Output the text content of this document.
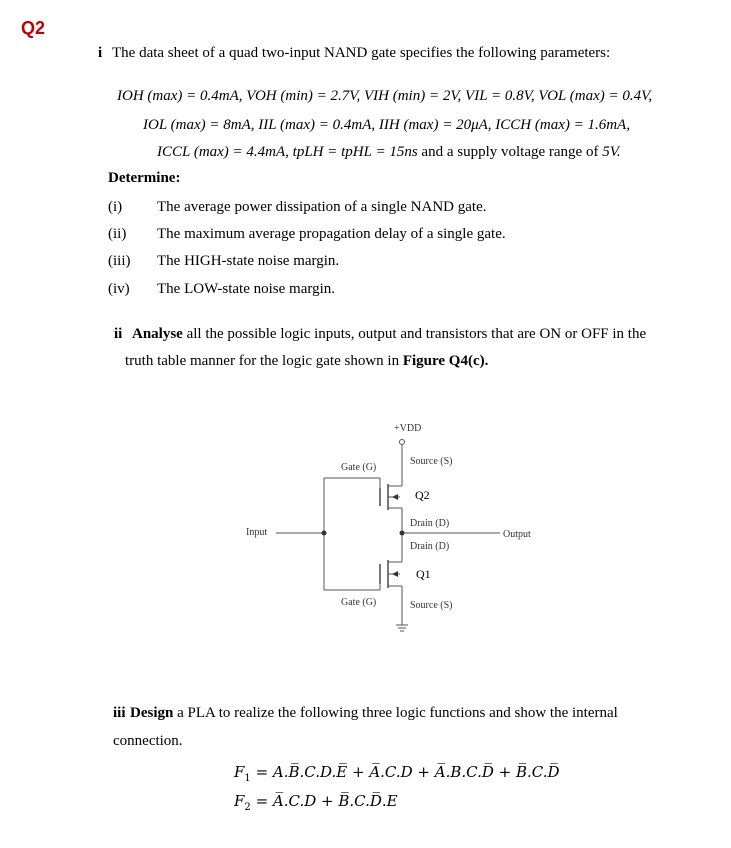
Q2
i The data sheet of a quad two-input NAND gate specifies the following parameters:
IOH (max) = 0.4mA, VOH (min) = 2.7V, VIH (min) = 2V, VIL = 0.8V, VOL (max) = 0.4V,
IOL (max) = 8mA, IIL (max) = 0.4mA, IIH (max) = 20μA, ICCH (max) = 1.6mA,
ICCL (max) = 4.4mA, tpLH = tpHL = 15ns and a supply voltage range of 5V.
Determine:
(i) The average power dissipation of a single NAND gate.
(ii) The maximum average propagation delay of a single gate.
(iii) The HIGH-state noise margin.
(iv) The LOW-state noise margin.
ii Analyse all the possible logic inputs, output and transistors that are ON or OFF in the
truth table manner for the logic gate shown in Figure Q4(c).
+VDD
Gate (G)
Source (S)
Q2
Drain (D)
Input	Output
Drain (D)
Q1
Gate (G)	Source (S)
iii Design a PLA to realize the following three logic functions and show the internal
connection.
$F_1$ = A.B̅.C.D.E̅ + A̅.C.D + A̅.B.C.D̅ + B̅.C.D̅
$F_2$ = A̅.C.D + B̅.C.D̅.E
